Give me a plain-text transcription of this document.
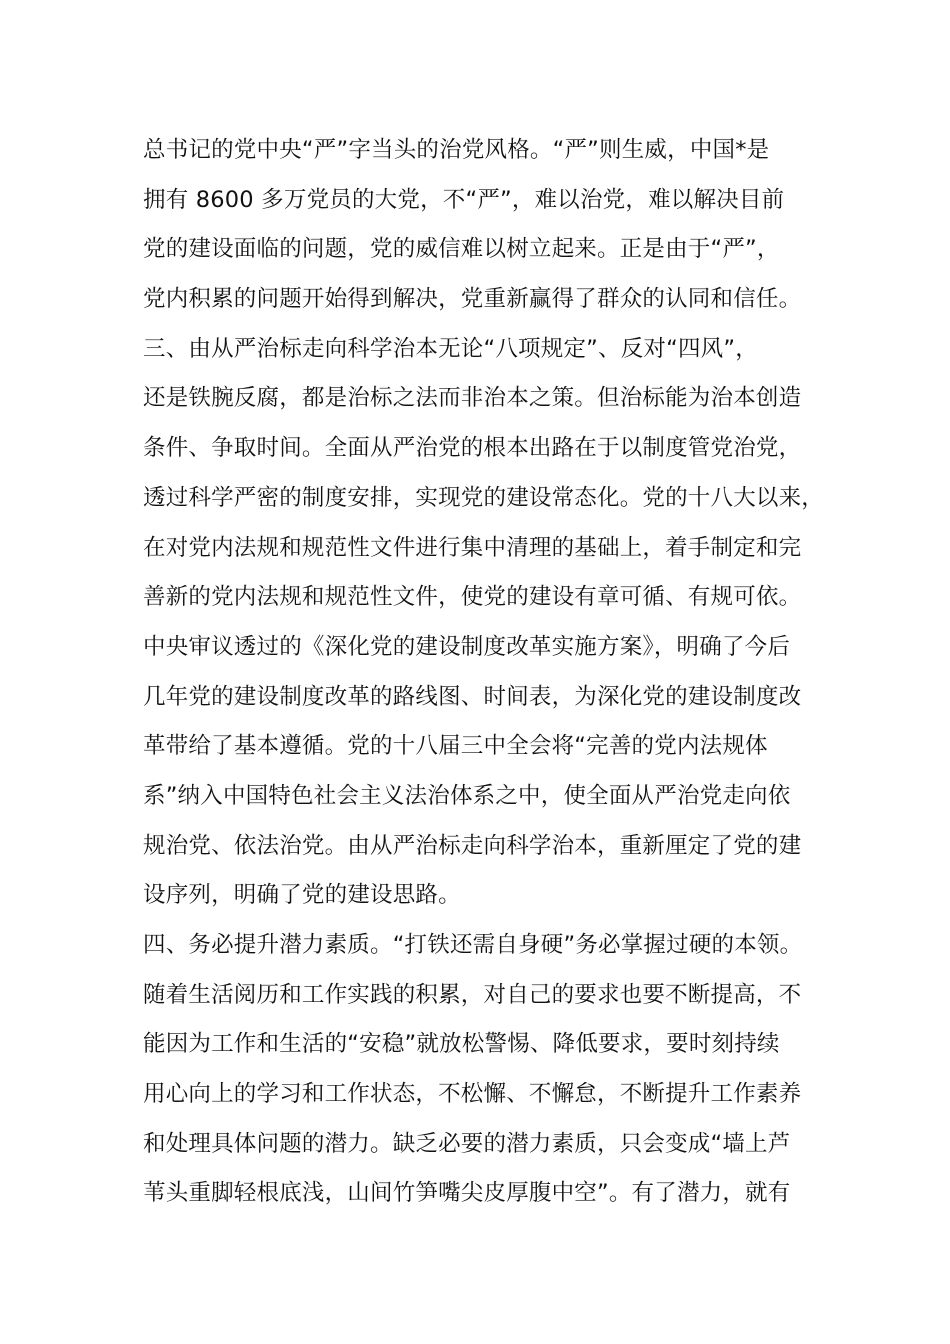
总书记的党中央“严”字当头的治党风格。“严”则生威，中国*是
拥有 8600 多万党员的大党，不“严”，难以治党，难以解决目前
党的建设面临的问题，党的威信难以树立起来。正是由于“严”，
党内积累的问题开始得到解决，党重新赢得了群众的认同和信任。
三、由从严治标走向科学治本无论“八项规定”、反对“四风”，
还是铁腕反腐，都是治标之法而非治本之策。但治标能为治本创造
条件、争取时间。全面从严治党的根本出路在于以制度管党治党，
透过科学严密的制度安排，实现党的建设常态化。党的十八大以来，
在对党内法规和规范性文件进行集中清理的基础上，着手制定和完
善新的党内法规和规范性文件，使党的建设有章可循、有规可依。
中央审议透过的《深化党的建设制度改革实施方案》，明确了今后
几年党的建设制度改革的路线图、时间表，为深化党的建设制度改
革带给了基本遵循。党的十八届三中全会将“完善的党内法规体
系”纳入中国特色社会主义法治体系之中，使全面从严治党走向依
规治党、依法治党。由从严治标走向科学治本，重新厘定了党的建
设序列，明确了党的建设思路。
四、务必提升潜力素质。“打铁还需自身硬”务必掌握过硬的本领。
随着生活阅历和工作实践的积累，对自己的要求也要不断提高，不
能因为工作和生活的“安稳”就放松警惕、降低要求，要时刻持续
用心向上的学习和工作状态，不松懈、不懈怠，不断提升工作素养
和处理具体问题的潜力。缺乏必要的潜力素质，只会变成“墙上芦
苇头重脚轻根底浅，山间竹笋嘴尖皮厚腹中空”。有了潜力，就有
